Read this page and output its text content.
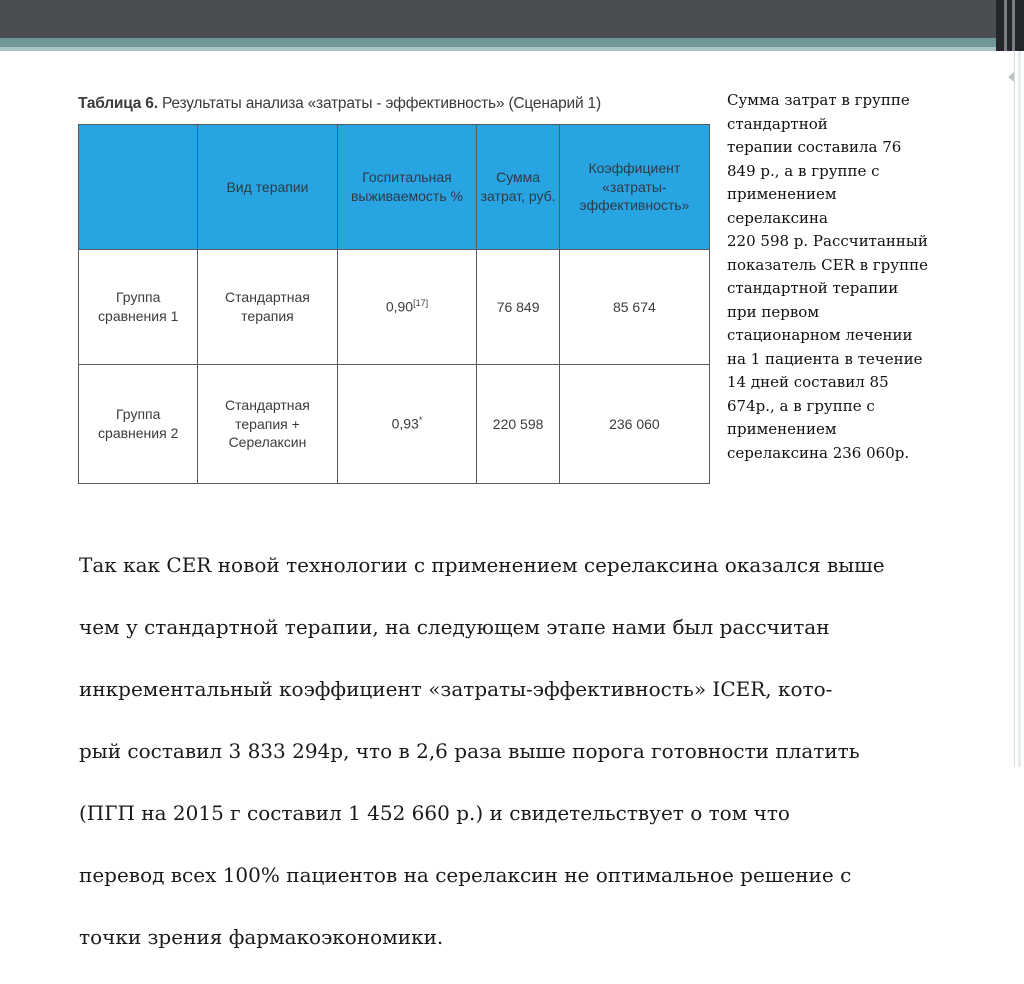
Таблица 6. Результаты анализа «затраты - эффективность» (Сценарий 1)
	Вид терапии	Госпитальная выживаемость %	Сумма затрат, руб.	Коэффициент «затраты-эффективность»
Группа сравнения 1	Стандартная терапия	0,90[17]	76 849	85 674
Группа сравнения 2	Стандартная терапия + Серелаксин	0,93*	220 598	236 060
Сумма затрат в группе
стандартной
терапии составила 76
849 р., а в группе с
применением
серелаксина
220 598 р. Рассчитанный
показатель CER в группе
стандартной терапии
при первом
стационарном лечении
на 1 пациента в течение
14 дней составил 85
674р., а в группе с
применением
серелаксина 236 060р.

Так как CER новой технологии с применением серелаксина оказался выше

чем у стандартной терапии, на следующем этапе нами был рассчитан

инкрементальный коэффициент «затраты-эффективность» ICER, кото-

рый составил 3 833 294р, что в 2,6 раза выше порога готовности платить

(ПГП на 2015 г составил 1 452 660 р.) и свидетельствует о том что

перевод всех 100% пациентов на серелаксин не оптимальное решение с

точки зрения фармакоэкономики.
